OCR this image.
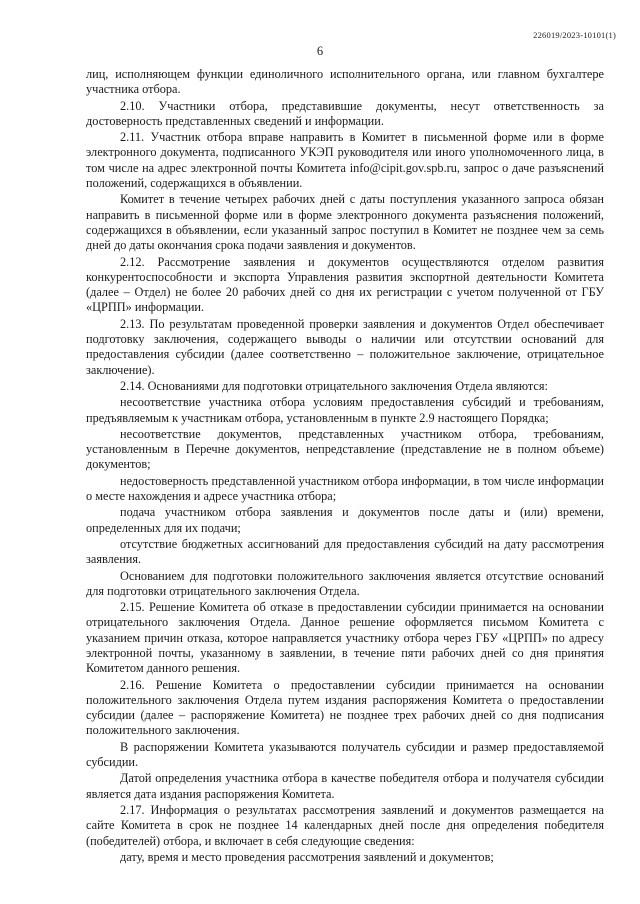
226019/2023-10101(1)
6

лиц, исполняющем функции единоличного исполнительного органа, или главном бухгалтере участника отбора.

2.10. Участники отбора, представившие документы, несут ответственность за достоверность представленных сведений и информации.

2.11. Участник отбора вправе направить в Комитет в письменной форме или в форме электронного документа, подписанного УКЭП руководителя или иного уполномоченного лица, в том числе на адрес электронной почты Комитета info@cipit.gov.spb.ru, запрос о даче разъяснений положений, содержащихся в объявлении.

Комитет в течение четырех рабочих дней с даты поступления указанного запроса обязан направить в письменной форме или в форме электронного документа разъяснения положений, содержащихся в объявлении, если указанный запрос поступил в Комитет не позднее чем за семь дней до даты окончания срока подачи заявления и документов.

2.12. Рассмотрение заявления и документов осуществляются отделом развития конкурентоспособности и экспорта Управления развития экспортной деятельности Комитета (далее – Отдел) не более 20 рабочих дней со дня их регистрации с учетом полученной от ГБУ «ЦРПП» информации.

2.13. По результатам проведенной проверки заявления и документов Отдел обеспечивает подготовку заключения, содержащего выводы о наличии или отсутствии оснований для предоставления субсидии (далее соответственно – положительное заключение, отрицательное заключение).

2.14. Основаниями для подготовки отрицательного заключения Отдела являются:

несоответствие участника отбора условиям предоставления субсидий и требованиям, предъявляемым к участникам отбора, установленным в пункте 2.9 настоящего Порядка;

несоответствие документов, представленных участником отбора, требованиям, установленным в Перечне документов, непредставление (представление не в полном объеме) документов;

недостоверность представленной участником отбора информации, в том числе информации о месте нахождения и адресе участника отбора;

подача участником отбора заявления и документов после даты и (или) времени, определенных для их подачи;

отсутствие бюджетных ассигнований для предоставления субсидий на дату рассмотрения заявления.

Основанием для подготовки положительного заключения является отсутствие оснований для подготовки отрицательного заключения Отдела.

2.15. Решение Комитета об отказе в предоставлении субсидии принимается на основании отрицательного заключения Отдела. Данное решение оформляется письмом Комитета с указанием причин отказа, которое направляется участнику отбора через ГБУ «ЦРПП» по адресу электронной почты, указанному в заявлении, в течение пяти рабочих дней со дня принятия Комитетом данного решения.

2.16. Решение Комитета о предоставлении субсидии принимается на основании положительного заключения Отдела путем издания распоряжения Комитета о предоставлении субсидии (далее – распоряжение Комитета) не позднее трех рабочих дней со дня подписания положительного заключения.

В распоряжении Комитета указываются получатель субсидии и размер предоставляемой субсидии.

Датой определения участника отбора в качестве победителя отбора и получателя субсидии является дата издания распоряжения Комитета.

2.17. Информация о результатах рассмотрения заявлений и документов размещается на сайте Комитета в срок не позднее 14 календарных дней после дня определения победителя (победителей) отбора, и включает в себя следующие сведения:

дату, время и место проведения рассмотрения заявлений и документов;
